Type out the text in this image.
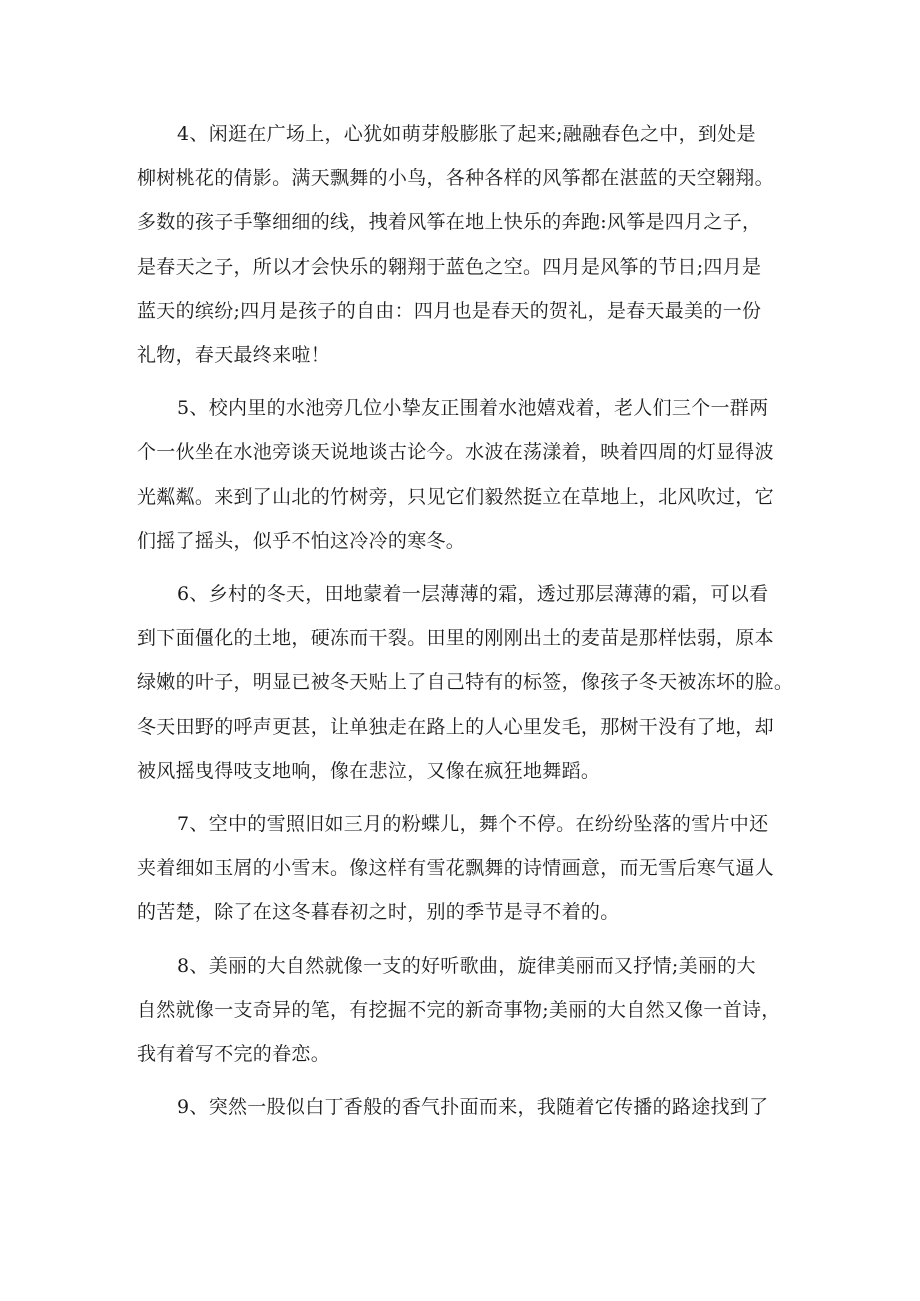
4、闲逛在广场上，心犹如萌芽般膨胀了起来;融融春色之中，到处是
柳树桃花的倩影。满天飘舞的小鸟，各种各样的风筝都在湛蓝的天空翱翔。
多数的孩子手擎细细的线，拽着风筝在地上快乐的奔跑:风筝是四月之子，
是春天之子，所以才会快乐的翱翔于蓝色之空。四月是风筝的节日;四月是
蓝天的缤纷;四月是孩子的自由：四月也是春天的贺礼，是春天最美的一份
礼物，春天最终来啦！

5、校内里的水池旁几位小挚友正围着水池嬉戏着，老人们三个一群两
个一伙坐在水池旁谈天说地谈古论今。水波在荡漾着，映着四周的灯显得波
光粼粼。来到了山北的竹树旁，只见它们毅然挺立在草地上，北风吹过，它
们摇了摇头，似乎不怕这冷冷的寒冬。

6、乡村的冬天，田地蒙着一层薄薄的霜，透过那层薄薄的霜，可以看
到下面僵化的土地，硬冻而干裂。田里的刚刚出土的麦苗是那样怯弱，原本
绿嫩的叶子，明显已被冬天贴上了自己特有的标签，像孩子冬天被冻坏的脸。
冬天田野的呼声更甚，让单独走在路上的人心里发毛，那树干没有了地，却
被风摇曳得吱支地响，像在悲泣，又像在疯狂地舞蹈。

7、空中的雪照旧如三月的粉蝶儿，舞个不停。在纷纷坠落的雪片中还
夹着细如玉屑的小雪末。像这样有雪花飘舞的诗情画意，而无雪后寒气逼人
的苦楚，除了在这冬暮春初之时，别的季节是寻不着的。

8、美丽的大自然就像一支的好听歌曲，旋律美丽而又抒情;美丽的大
自然就像一支奇异的笔，有挖掘不完的新奇事物;美丽的大自然又像一首诗，
我有着写不完的眷恋。

9、突然一股似白丁香般的香气扑面而来，我随着它传播的路途找到了
